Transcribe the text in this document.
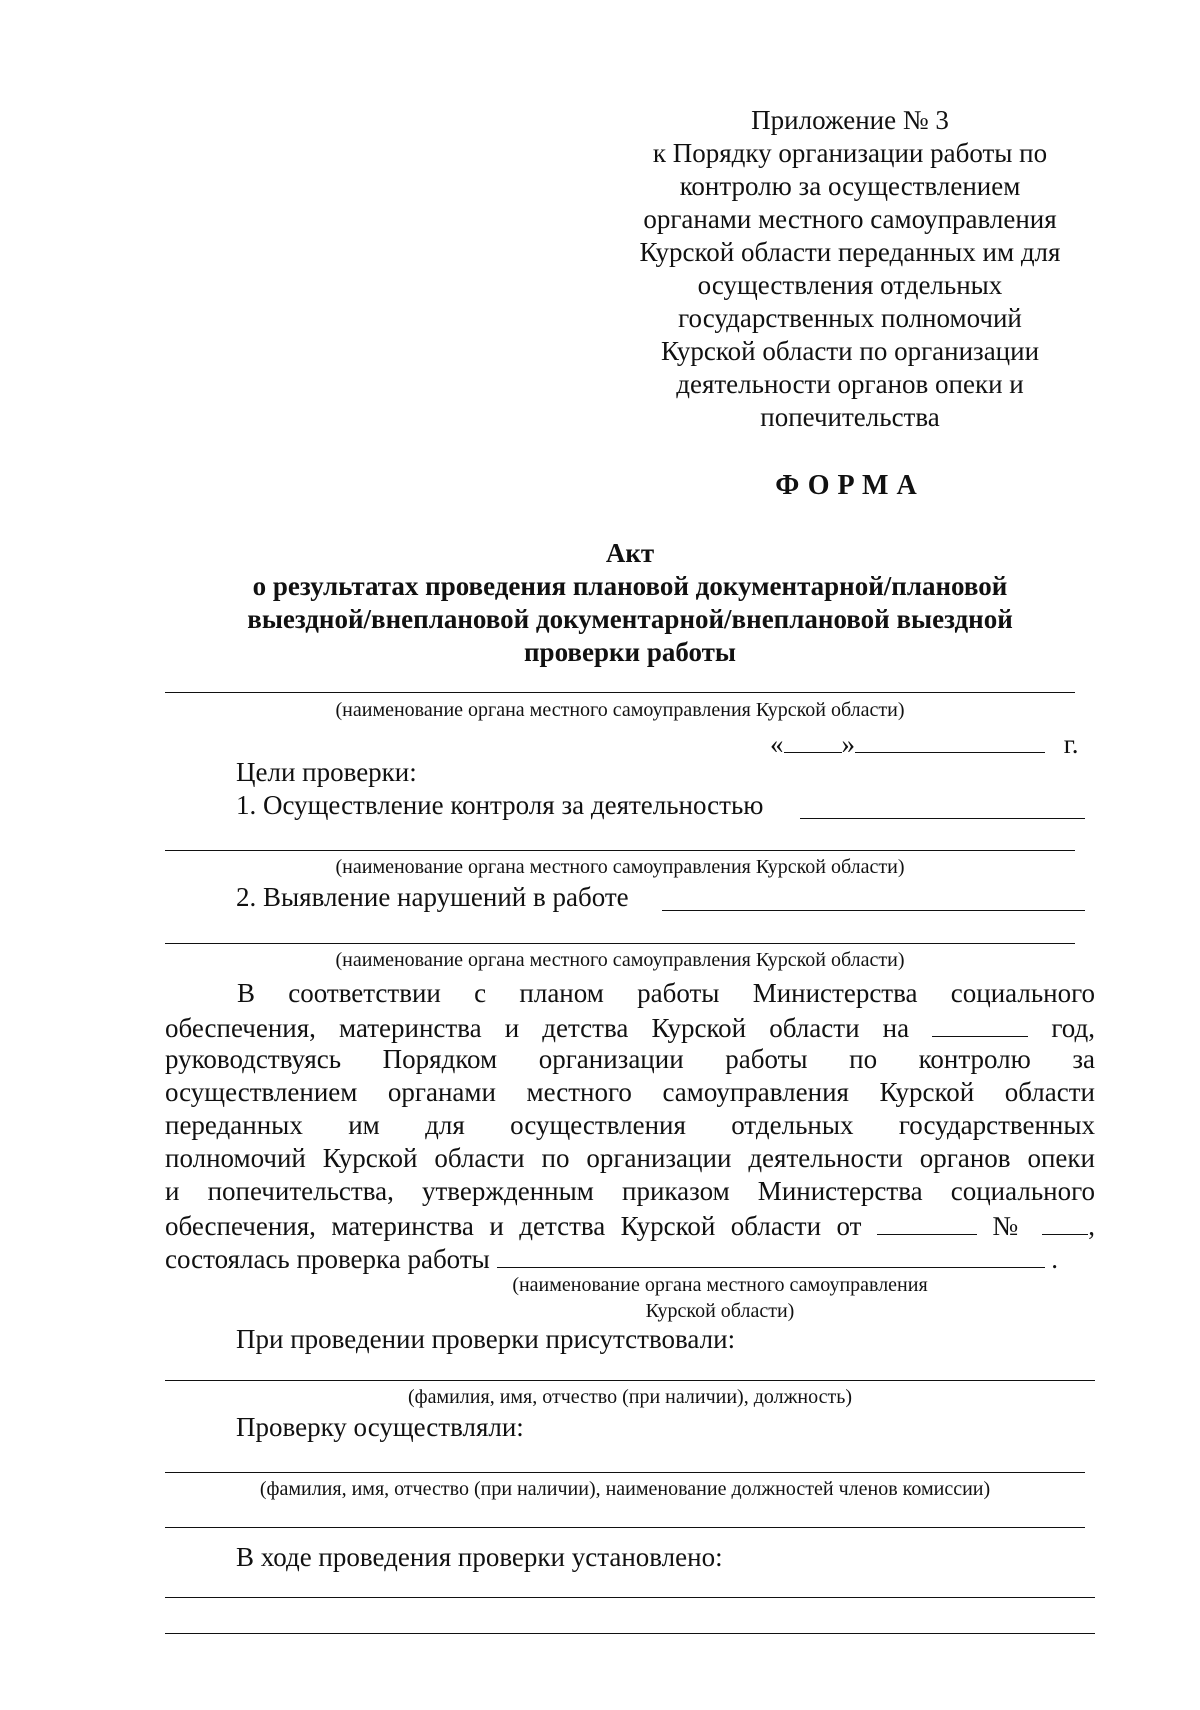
Приложение № 3
к Порядку организации работы по
контролю за осуществлением
органами местного самоуправления
Курской области переданных им для
осуществления отдельных
государственных полномочий
Курской области по организации
деятельности органов опеки и
попечительства
ФОРМА
Акт
о результатах проведения плановой документарной/плановой
выездной/внеплановой документарной/внеплановой выездной
проверки работы
(наименование органа местного самоуправления Курской области)
« »	г.
Цели проверки:
1. Осуществление контроля за деятельностью
(наименование органа местного самоуправления Курской области)
2. Выявление нарушений в работе
(наименование органа местного самоуправления Курской области)
В соответствии с планом работы Министерства социального
обеспечения, материнства и детства Курской области на	год,
руководствуясь Порядком организации работы по контролю за
осуществлением органами местного самоуправления Курской области
переданных им для осуществления отдельных государственных
полномочий Курской области по организации деятельности органов опеки
и попечительства, утвержденным приказом Министерства социального
обеспечения, материнства и детства Курской области от	№ ,
состоялась проверка работы	.
(наименование органа местного самоуправления
Курской области)
При проведении проверки присутствовали:
(фамилия, имя, отчество (при наличии), должность)
Проверку осуществляли:
(фамилия, имя, отчество (при наличии), наименование должностей членов комиссии)
В ходе проведения проверки установлено:
